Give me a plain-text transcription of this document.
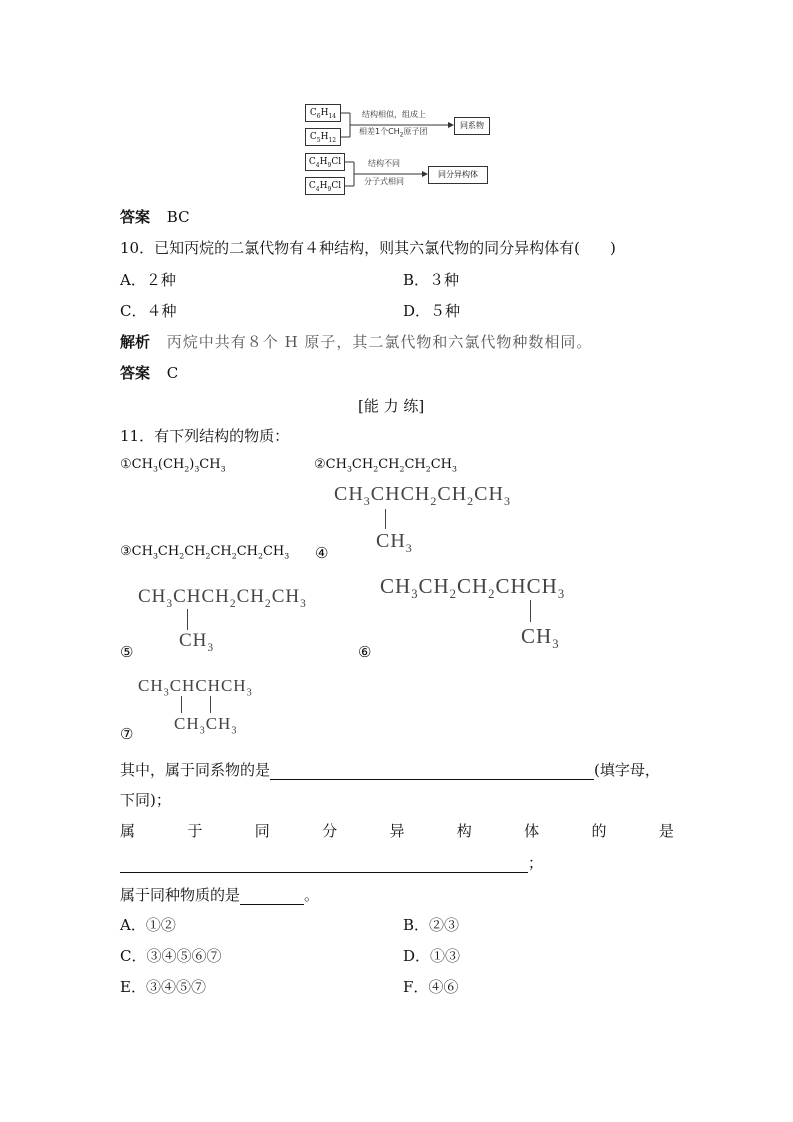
$C_6H_{14}$
$C_5H_{12}$
$C_4H_9Cl$
$C_4H_9Cl$
结构相似，组成上
相差1个$CH_2$原子团
同系物
结构不同
分子式相同
同分异构体
答案 BC
10．已知丙烷的二氯代物有４种结构，则其六氯代物的同分异构体有(　　)
A．２种	B．３种
C．４种	D．５种
解析 丙烷中共有８个 H 原子，其二氯代物和六氯代物种数相同。
答案 C
[能 力 练]
11．有下列结构的物质：
$①CH_3(CH_2)_3CH_3$	$②CH_3CH_2CH_2CH_2CH_3$
$CH_3CHCH_2CH_2CH_3$
$CH_3$
$③CH_3CH_2CH_2CH_2CH_2CH_3$ ④
$CH_3CHCH_2CH_2CH_3$
$CH_3$
⑤
$CH_3CH_2CH_2CHCH_3$
$CH_3$
⑥
$CH_3CHCHCH_3$
$CH_3CH_3$
⑦
其中，属于同系物的是	(填字母，
下同)；
属	于	同	分	异	构	体	的	是
；
属于同种物质的是	。
A．①②	B．②③
C．③④⑤⑥⑦	D．①③
E．③④⑤⑦	F．④⑥
